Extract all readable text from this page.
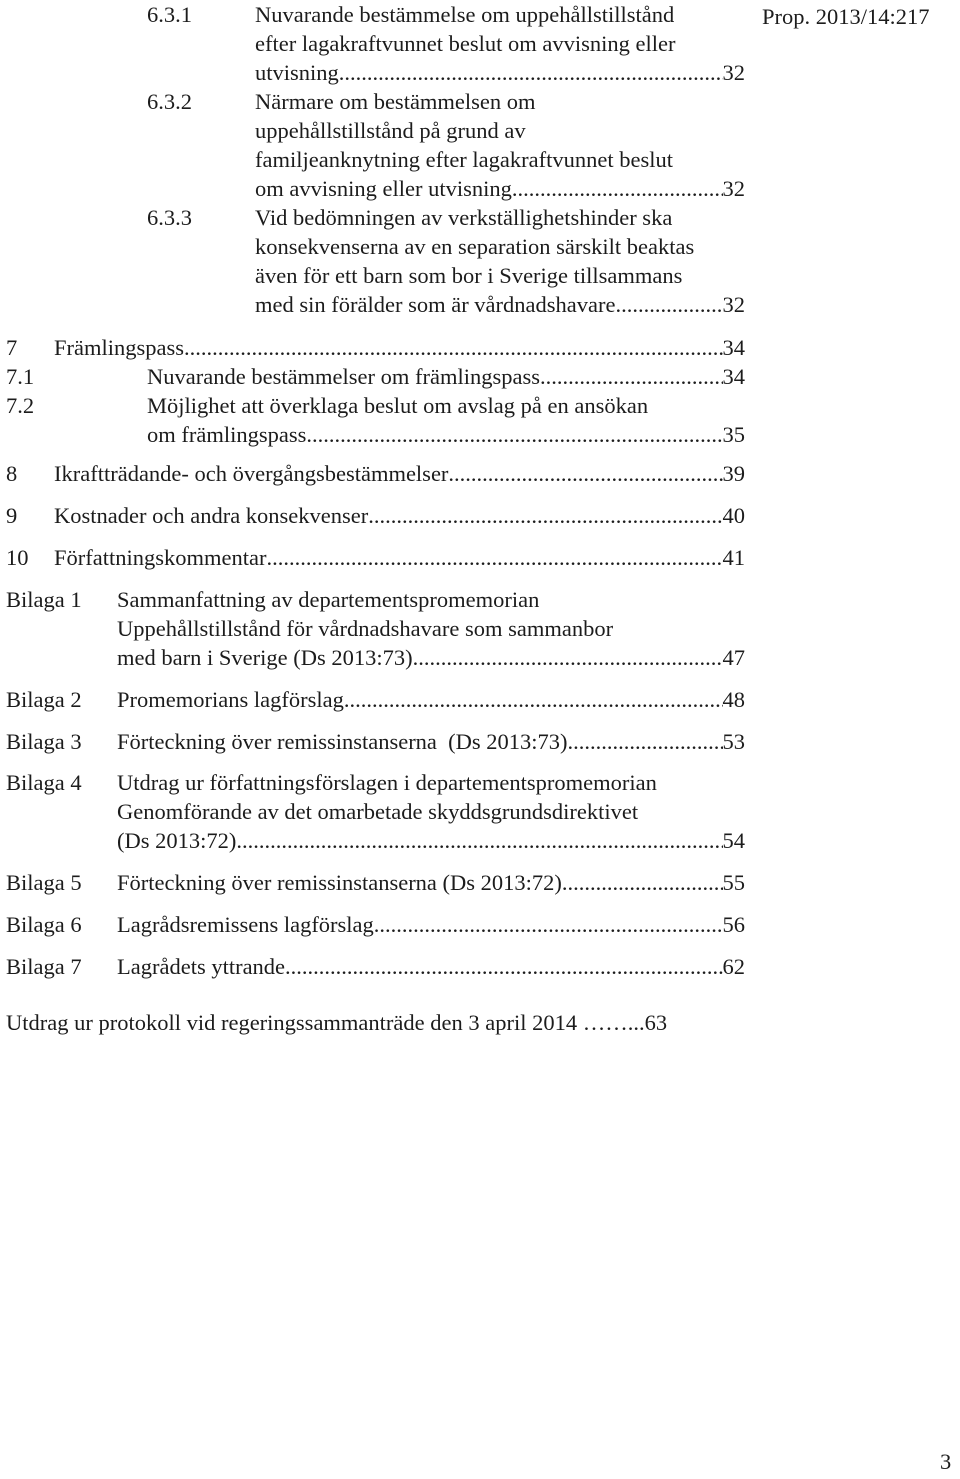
Prop. 2013/14:217

6.3.1	Nuvarande bestämmelse om uppehållstillstånd
efter lagakraftvunnet beslut om avvisning eller
utvisning .....	32
6.3.2	Närmare om bestämmelsen om
uppehållstillstånd på grund av
familjeanknytning efter lagakraftvunnet beslut
om avvisning eller utvisning .....	32
6.3.3	Vid bedömningen av verkställighetshinder ska
konsekvenserna av en separation särskilt beaktas
även för ett barn som bor i Sverige tillsammans
med sin förälder som är vårdnadshavare .....	32
7 Främlingspass .....	34
7.1	Nuvarande bestämmelser om främlingspass .....	34
7.2	Möjlighet att överklaga beslut om avslag på en ansökan
om främlingspass .....	35
8 Ikraftträdande- och övergångsbestämmelser .....	39
9 Kostnader och andra konsekvenser .....	40
10 Författningskommentar .....	41
Bilaga 1 Sammanfattning av departementspromemorian
Uppehållstillstånd för vårdnadshavare som sammanbor
med barn i Sverige (Ds 2013:73) .....	47
Bilaga 2 Promemorians lagförslag .....	48
Bilaga 3 Förteckning över remissinstanserna  (Ds 2013:73) .....	53
Bilaga 4 Utdrag ur författningsförslagen i departementspromemorian
Genomförande av det omarbetade skyddsgrundsdirektivet
(Ds 2013:72) .....	54
Bilaga 5 Förteckning över remissinstanserna (Ds 2013:72) .....	55
Bilaga 6 Lagrådsremissens lagförslag .....	56
Bilaga 7 Lagrådets yttrande .....	62

Utdrag ur protokoll vid regeringssammanträde den 3 april 2014 ……...63

3
